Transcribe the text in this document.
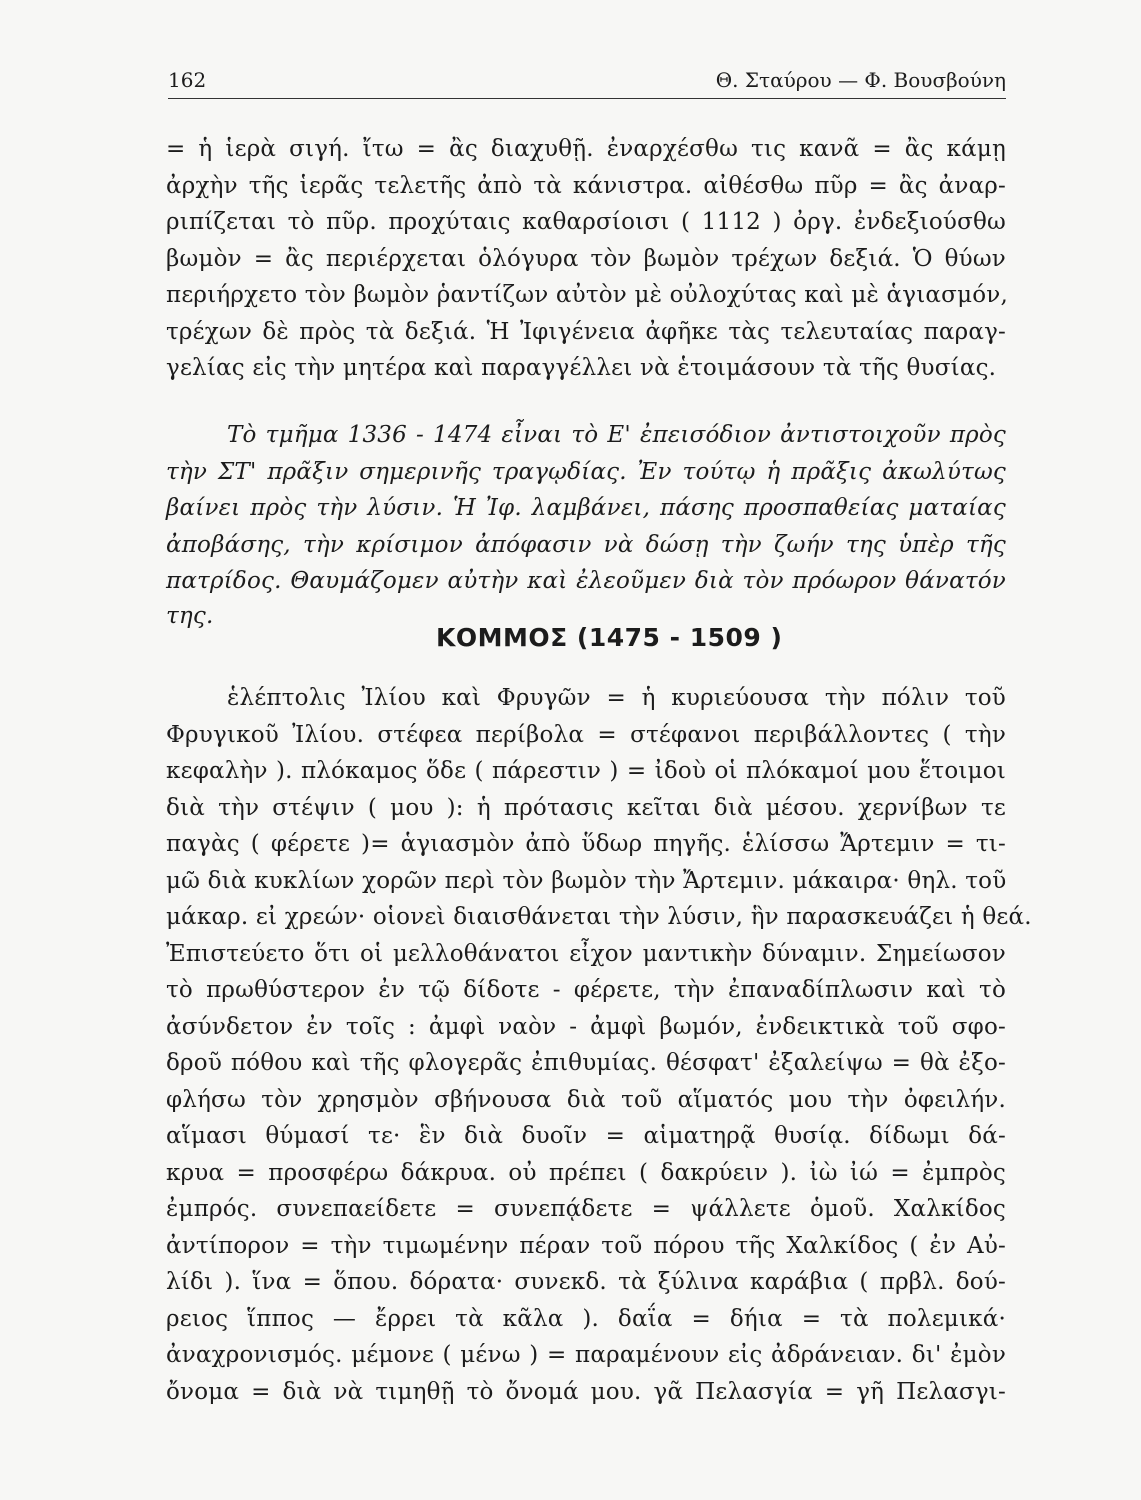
162	Θ. Σταύρου — Φ. Βουσβούνη
= ἡ ἱερὰ σιγή. ἴτω = ἂς διαχυθῇ. ἐναρχέσθω τις κανᾶ = ἂς κάμῃ
ἀρχὴν τῆς ἱερᾶς τελετῆς ἀπὸ τὰ κάνιστρα. αἰθέσθω πῦρ = ἂς ἀναρ-
ριπίζεται τὸ πῦρ. προχύταις καθαρσίοισι ( 1112 ) ὀργ. ἐνδεξιούσθω
βωμὸν = ἂς περιέρχεται ὁλόγυρα τὸν βωμὸν τρέχων δεξιά. Ὁ θύων
περιήρχετο τὸν βωμὸν ῥαντίζων αὐτὸν μὲ οὐλοχύτας καὶ μὲ ἁγιασμόν,
τρέχων δὲ πρὸς τὰ δεξιά. Ἡ Ἰφιγένεια ἀφῆκε τὰς τελευταίας παραγ-
γελίας εἰς τὴν μητέρα καὶ παραγγέλλει νὰ ἑτοιμάσουν τὰ τῆς θυσίας.
Τὸ τμῆμα 1336 - 1474 εἶναι τὸ Ε' ἐπεισόδιον ἀντιστοιχοῦν πρὸς
τὴν ΣΤ' πρᾶξιν σημερινῆς τραγῳδίας. Ἐν τούτῳ ἡ πρᾶξις ἀκωλύτως
βαίνει πρὸς τὴν λύσιν. Ἡ Ἰφ. λαμβάνει, πάσης προσπαθείας ματαίας
ἀποβάσης, τὴν κρίσιμον ἀπόφασιν νὰ δώσῃ τὴν ζωήν της ὑπὲρ τῆς
πατρίδος. Θαυμάζομεν αὐτὴν καὶ ἐλεοῦμεν διὰ τὸν πρόωρον θάνατόν
της.
ΚΟΜΜΟΣ (1475 - 1509 )
ἑλέπτολις Ἰλίου καὶ Φρυγῶν = ἡ κυριεύουσα τὴν πόλιν τοῦ
Φρυγικοῦ Ἰλίου. στέφεα περίβολα = στέφανοι περιβάλλοντες ( τὴν
κεφαλὴν ). πλόκαμος ὅδε ( πάρεστιν ) = ἰδοὺ οἱ πλόκαμοί μου ἕτοιμοι
διὰ τὴν στέψιν ( μου ): ἡ πρότασις κεῖται διὰ μέσου. χερνίβων τε
παγὰς ( φέρετε )= ἁγιασμὸν ἀπὸ ὕδωρ πηγῆς. ἑλίσσω Ἄρτεμιν = τι-
μῶ διὰ κυκλίων χορῶν περὶ τὸν βωμὸν τὴν Ἄρτεμιν. μάκαιρα· θηλ. τοῦ
μάκαρ. εἰ χρεών· οἱονεὶ διαισθάνεται τὴν λύσιν, ἣν παρασκευάζει ἡ θεά.
Ἐπιστεύετο ὅτι οἱ μελλοθάνατοι εἶχον μαντικὴν δύναμιν. Σημείωσον
τὸ πρωθύστερον ἐν τῷ δίδοτε - φέρετε, τὴν ἐπαναδίπλωσιν καὶ τὸ
ἀσύνδετον ἐν τοῖς : ἀμφὶ ναὸν - ἀμφὶ βωμόν, ἐνδεικτικὰ τοῦ σφο-
δροῦ πόθου καὶ τῆς φλογερᾶς ἐπιθυμίας. θέσφατ' ἐξαλείψω = θὰ ἐξο-
φλήσω τὸν χρησμὸν σβήνουσα διὰ τοῦ αἵματός μου τὴν ὀφειλήν.
αἵμασι θύμασί τε· ἓν διὰ δυοῖν = αἱματηρᾷ θυσίᾳ. δίδωμι δά-
κρυα = προσφέρω δάκρυα. οὐ πρέπει ( δακρύειν ). ἰὼ ἰώ = ἐμπρὸς
ἐμπρός. συνεπαείδετε = συνεπᾴδετε = ψάλλετε ὁμοῦ. Χαλκίδος
ἀντίπορον = τὴν τιμωμένην πέραν τοῦ πόρου τῆς Χαλκίδος ( ἐν Αὐ-
λίδι ). ἵνα = ὅπου. δόρατα· συνεκδ. τὰ ξύλινα καράβια ( πρβλ. δού-
ρειος ἵππος — ἔρρει τὰ κᾶλα ). δαΐα = δήια = τὰ πολεμικά·
ἀναχρονισμός. μέμονε ( μένω ) = παραμένουν εἰς ἀδράνειαν. δι' ἐμὸν
ὄνομα = διὰ νὰ τιμηθῇ τὸ ὄνομά μου. γᾶ Πελασγία = γῆ Πελασγι-
